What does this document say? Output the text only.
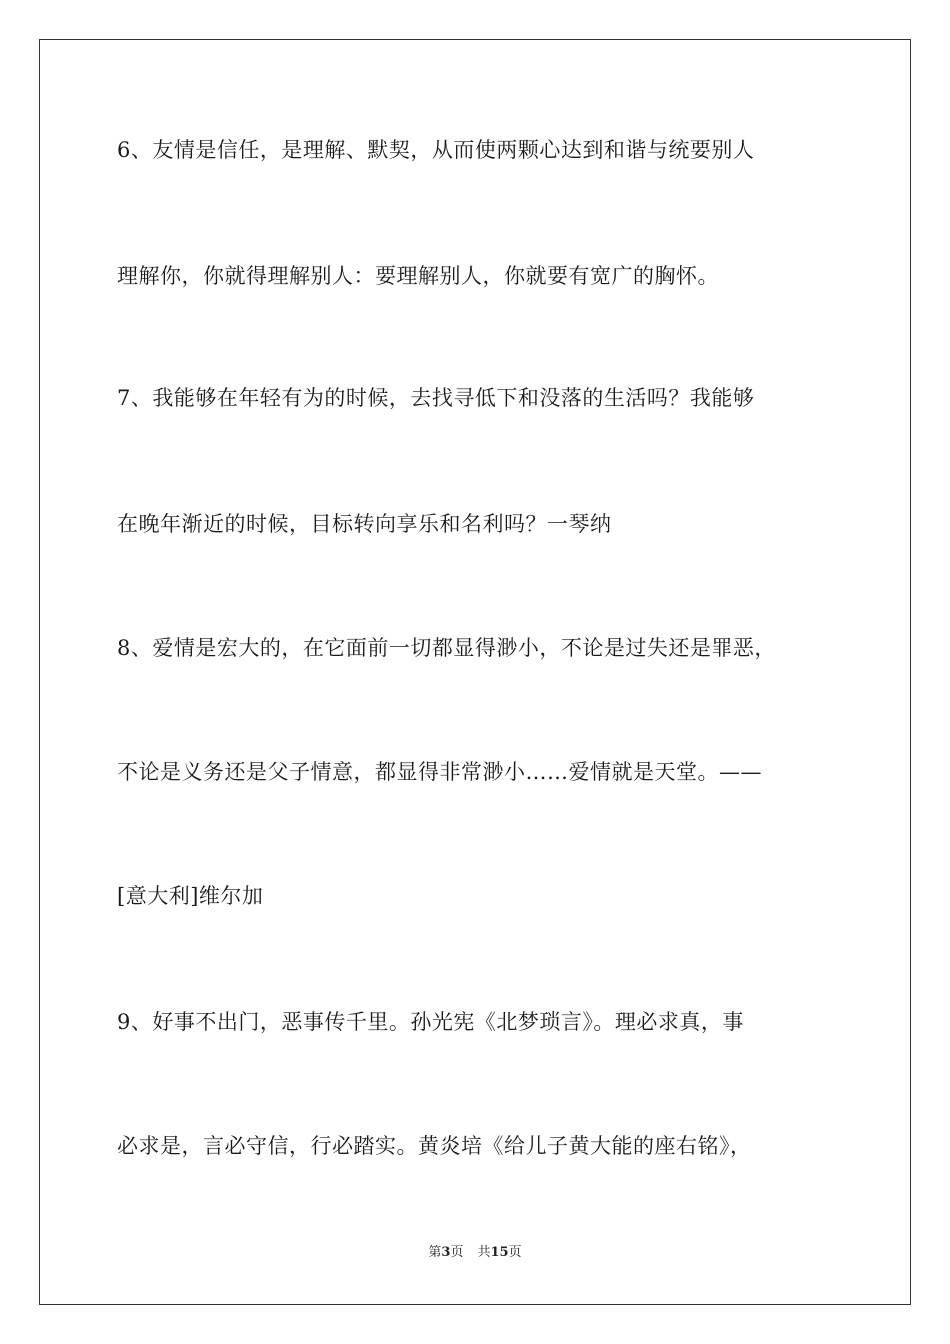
6、友情是信任，是理解、默契，从而使两颗心达到和谐与统要别人
理解你，你就得理解别人：要理解别人，你就要有宽广的胸怀。
7、我能够在年轻有为的时候，去找寻低下和没落的生活吗？我能够
在晚年渐近的时候，目标转向享乐和名利吗？一琴纳
8、爱情是宏大的，在它面前一切都显得渺小，不论是过失还是罪恶，
不论是义务还是父子情意，都显得非常渺小……爱情就是天堂。——
[意大利]维尔加
9、好事不出门，恶事传千里。孙光宪《北梦琐言》。理必求真，事
必求是，言必守信，行必踏实。黄炎培《给儿子黄大能的座右铭》，
第3页 共15页
